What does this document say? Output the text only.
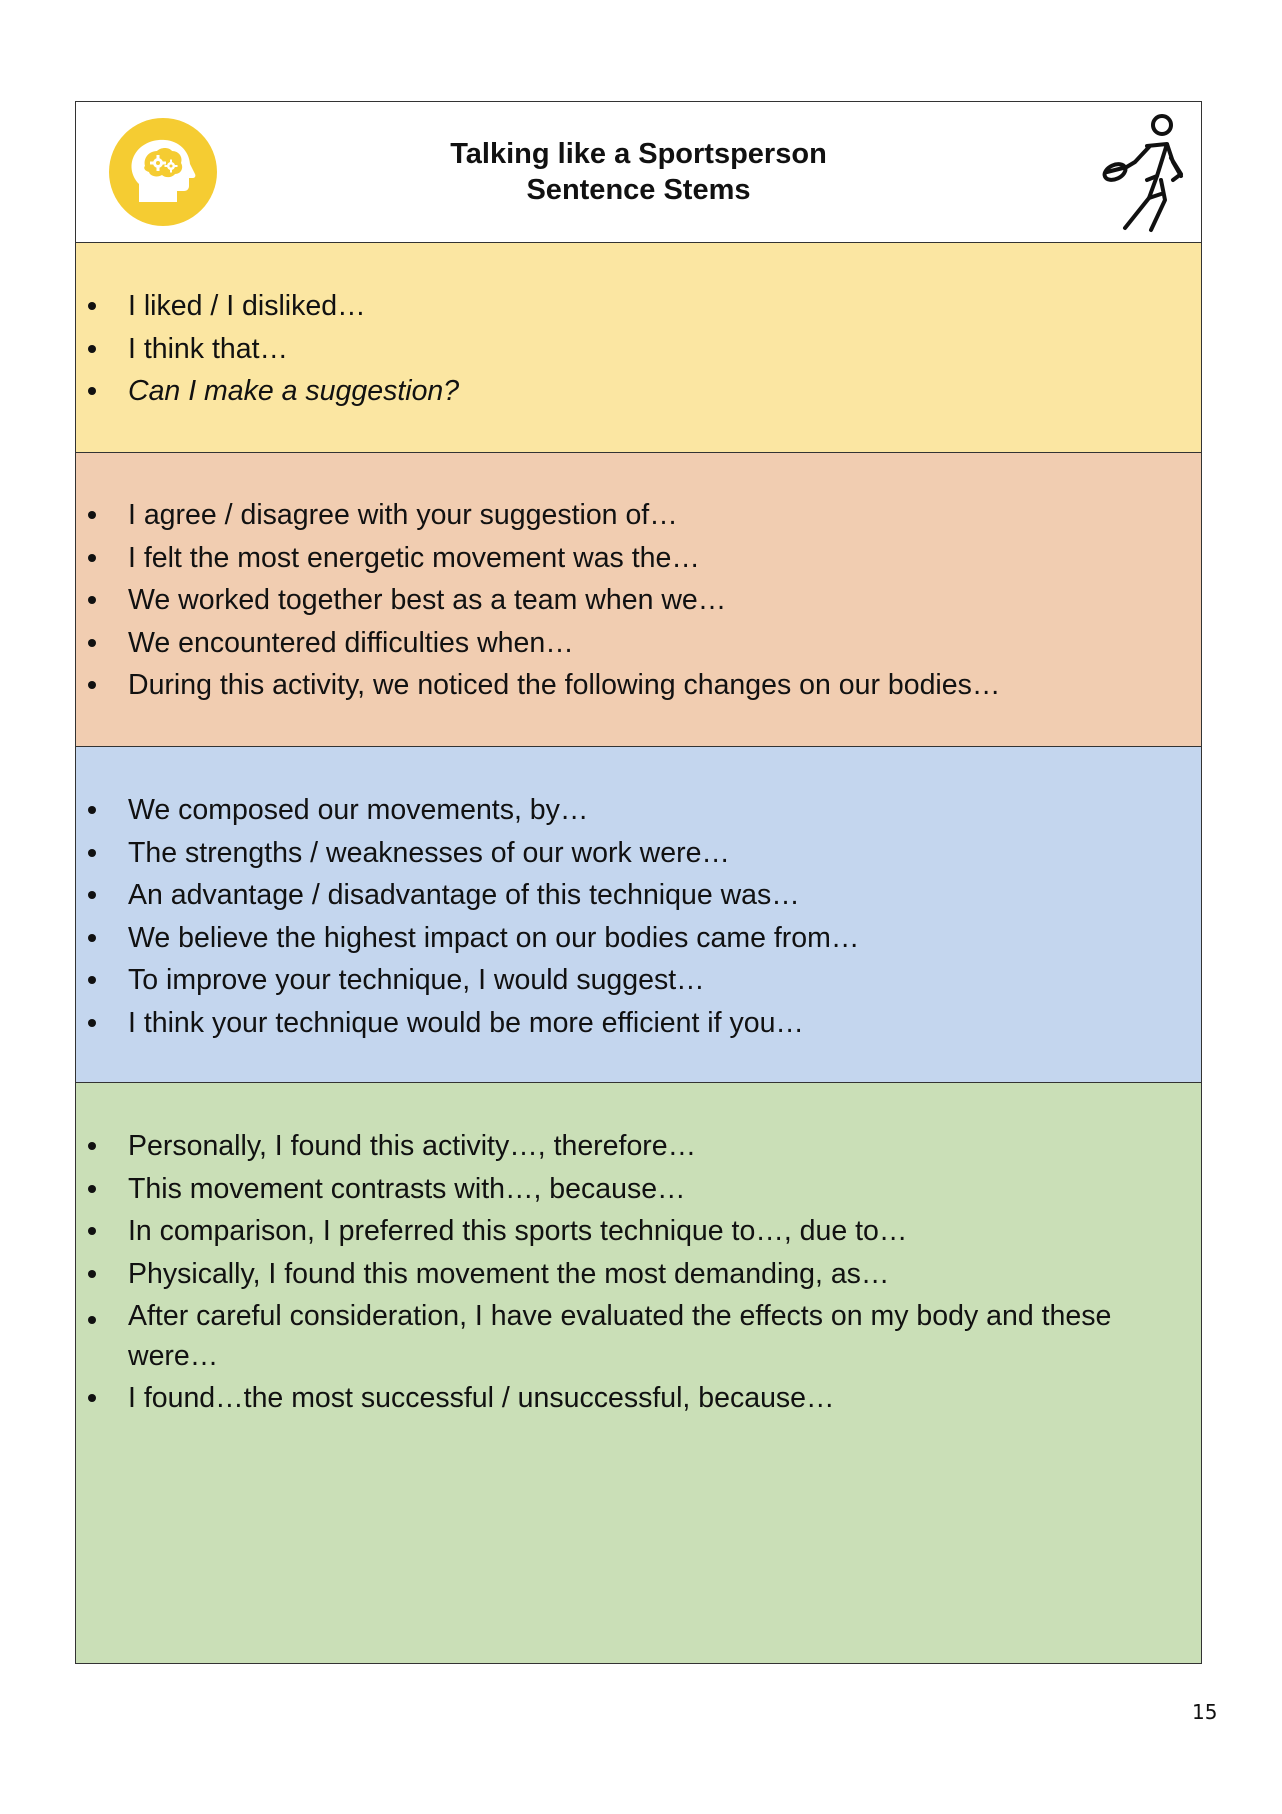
Talking like a Sportsperson
Sentence Stems
I liked / I disliked…
I think that…
Can I make a suggestion?
I agree / disagree with your suggestion of…
I felt the most energetic movement was the…
We worked together best as a team when we…
We encountered difficulties when…
During this activity, we noticed the following changes on our bodies…
We composed our movements, by…
The strengths / weaknesses of our work were…
An advantage / disadvantage of this technique was…
We believe the highest impact on our bodies came from…
To improve your technique, I would suggest…
I think your technique would be more efficient if you…
Personally, I found this activity…, therefore…
This movement contrasts with…, because…
In comparison, I preferred this sports technique to…, due to…
Physically, I found this movement the most demanding, as…
After careful consideration, I have evaluated the effects on my body and these were…
I found…the most successful / unsuccessful, because…
15
